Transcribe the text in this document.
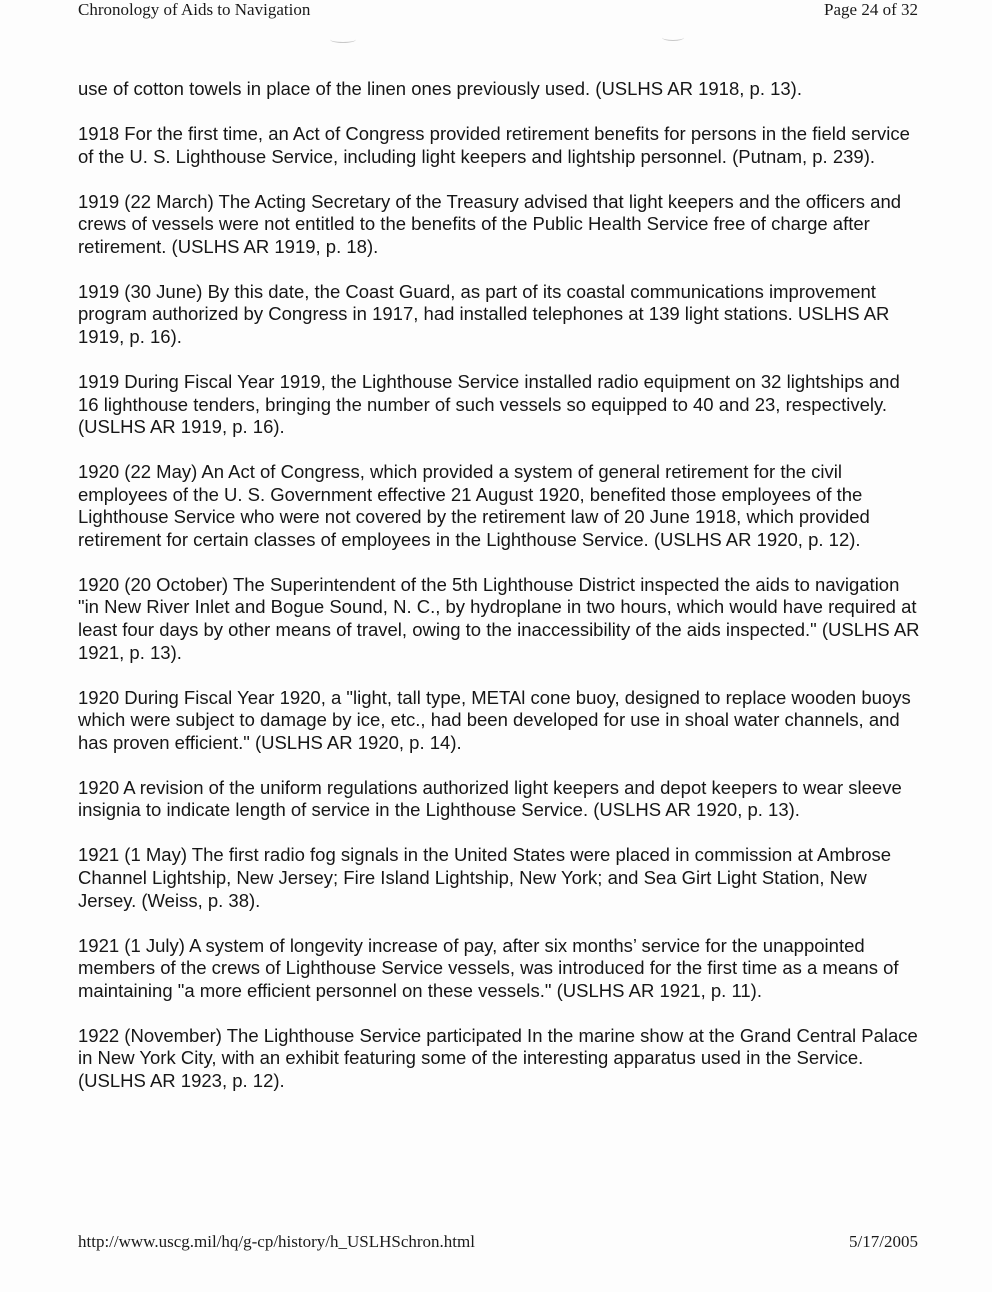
Chronology of Aids to Navigation	Page 24 of 32

use of cotton towels in place of the linen ones previously used. (USLHS AR 1918, p. 13).

1918 For the first time, an Act of Congress provided retirement benefits for persons in the field service of the U. S. Lighthouse Service, including light keepers and lightship personnel. (Putnam, p. 239).

1919 (22 March) The Acting Secretary of the Treasury advised that light keepers and the officers and crews of vessels were not entitled to the benefits of the Public Health Service free of charge after retirement. (USLHS AR 1919, p. 18).

1919 (30 June) By this date, the Coast Guard, as part of its coastal communications improvement program authorized by Congress in 1917, had installed telephones at 139 light stations. USLHS AR 1919, p. 16).

1919 During Fiscal Year 1919, the Lighthouse Service installed radio equipment on 32 lightships and 16 lighthouse tenders, bringing the number of such vessels so equipped to 40 and 23, respectively. (USLHS AR 1919, p. 16).

1920 (22 May) An Act of Congress, which provided a system of general retirement for the civil employees of the U. S. Government effective 21 August 1920, benefited those employees of the Lighthouse Service who were not covered by the retirement law of 20 June 1918, which provided retirement for certain classes of employees in the Lighthouse Service. (USLHS AR 1920, p. 12).

1920 (20 October) The Superintendent of the 5th Lighthouse District inspected the aids to navigation "in New River Inlet and Bogue Sound, N. C., by hydroplane in two hours, which would have required at least four days by other means of travel, owing to the inaccessibility of the aids inspected." (USLHS AR 1921, p. 13).

1920 During Fiscal Year 1920, a "light, tall type, METAl cone buoy, designed to replace wooden buoys which were subject to damage by ice, etc., had been developed for use in shoal water channels, and has proven efficient." (USLHS AR 1920, p. 14).

1920 A revision of the uniform regulations authorized light keepers and depot keepers to wear sleeve insignia to indicate length of service in the Lighthouse Service. (USLHS AR 1920, p. 13).

1921 (1 May) The first radio fog signals in the United States were placed in commission at Ambrose Channel Lightship, New Jersey; Fire Island Lightship, New York; and Sea Girt Light Station, New Jersey. (Weiss, p. 38).

1921 (1 July) A system of longevity increase of pay, after six months’ service for the unappointed members of the crews of Lighthouse Service vessels, was introduced for the first time as a means of maintaining "a more efficient personnel on these vessels." (USLHS AR 1921, p. 11).

1922 (November) The Lighthouse Service participated In the marine show at the Grand Central Palace in New York City, with an exhibit featuring some of the interesting apparatus used in the Service. (USLHS AR 1923, p. 12).

http://www.uscg.mil/hq/g-cp/history/h_USLHSchron.html	5/17/2005
